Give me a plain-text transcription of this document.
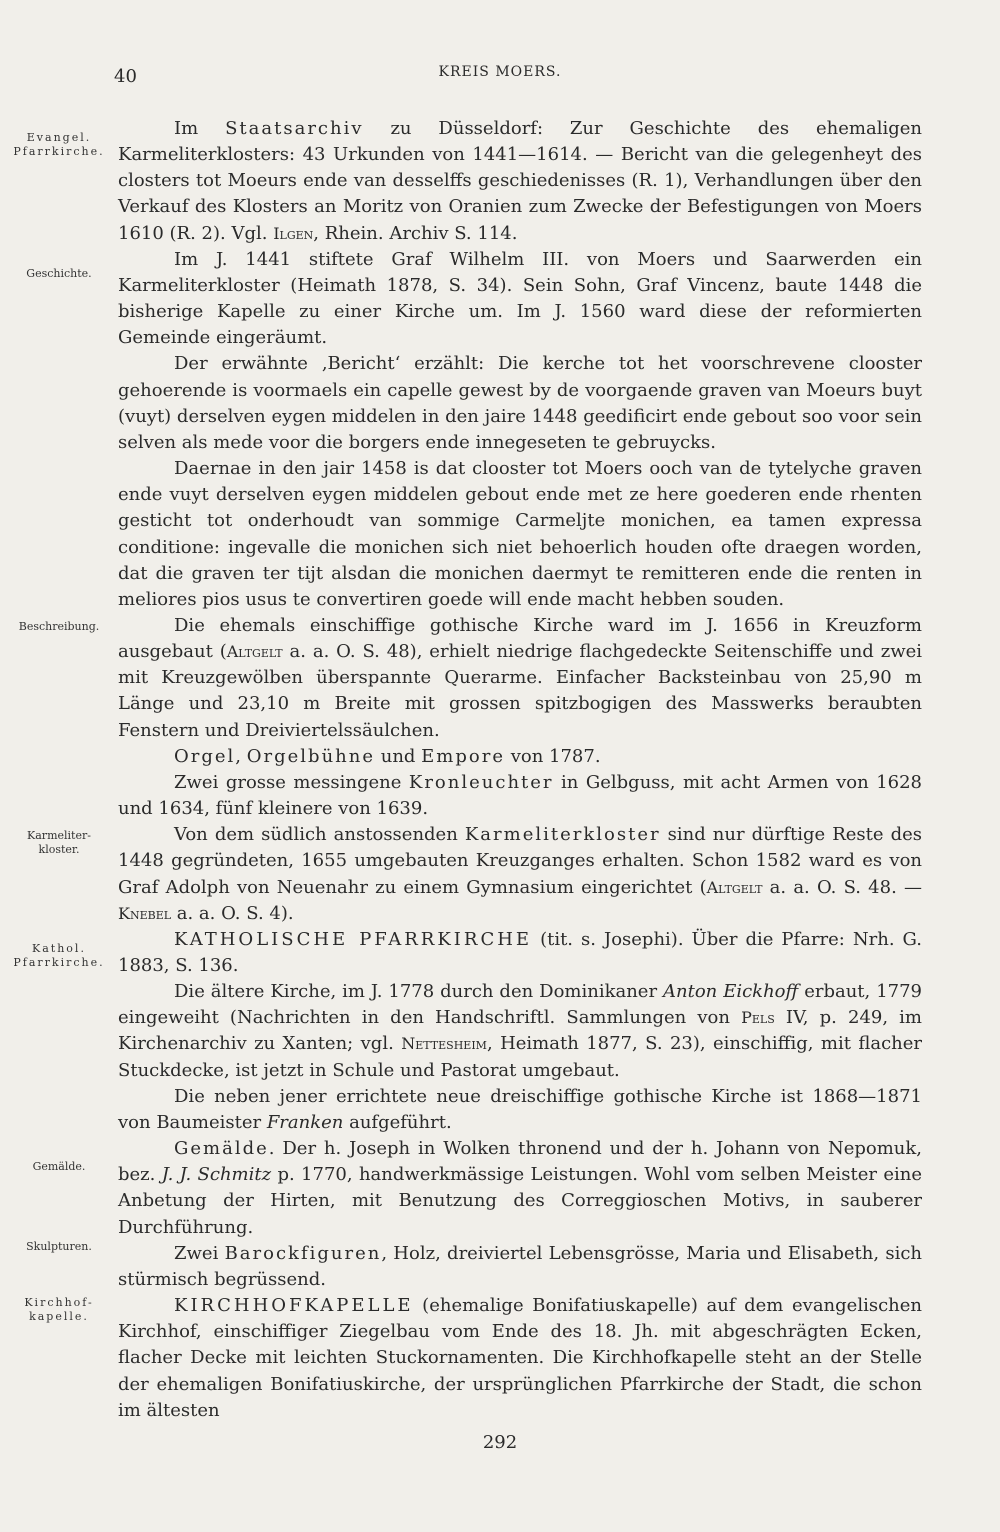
40	KREIS MOERS.
Evangel.
Pfarrkirche.
Geschichte.
Beschreibung.
Karmeliter-
kloster.
Kathol.
Pfarrkirche.
Gemälde.
Skulpturen.
Kirchhof-
kapelle.

Im Staatsarchiv zu Düsseldorf: Zur Geschichte des ehemaligen Karmeliterklosters: 43 Urkunden von 1441—1614. — Bericht van die gelegenheyt des closters tot Moeurs ende van desselffs geschiedenisses (R. 1), Verhandlungen über den Verkauf des Klosters an Moritz von Oranien zum Zwecke der Befestigungen von Moers 1610 (R. 2). Vgl. Ilgen, Rhein. Archiv S. 114.

Im J. 1441 stiftete Graf Wilhelm III. von Moers und Saarwerden ein Karmeliterkloster (Heimath 1878, S. 34). Sein Sohn, Graf Vincenz, baute 1448 die bisherige Kapelle zu einer Kirche um. Im J. 1560 ward diese der reformierten Gemeinde eingeräumt.

Der erwähnte ‚Bericht‘ erzählt: Die kerche tot het voorschrevene clooster gehoerende is voormaels ein capelle gewest by de voorgaende graven van Moeurs buyt (vuyt) derselven eygen middelen in den jaire 1448 geedificirt ende gebout soo voor sein selven als mede voor die borgers ende innegeseten te gebruycks.

Daernae in den jair 1458 is dat clooster tot Moers ooch van de tytelyche graven ende vuyt derselven eygen middelen gebout ende met ze here goederen ende rhenten gesticht tot onderhoudt van sommige Carmeljte monichen, ea tamen expressa conditione: ingevalle die monichen sich niet behoerlich houden ofte draegen worden, dat die graven ter tijt alsdan die monichen daermyt te remitteren ende die renten in meliores pios usus te convertiren goede will ende macht hebben souden.

Die ehemals einschiffige gothische Kirche ward im J. 1656 in Kreuzform ausgebaut (Altgelt a. a. O. S. 48), erhielt niedrige flachgedeckte Seitenschiffe und zwei mit Kreuzgewölben überspannte Querarme. Einfacher Backsteinbau von 25,90 m Länge und 23,10 m Breite mit grossen spitzbogigen des Masswerks beraubten Fenstern und Dreiviertelssäulchen.

Orgel, Orgelbühne und Empore von 1787.

Zwei grosse messingene Kronleuchter in Gelbguss, mit acht Armen von 1628 und 1634, fünf kleinere von 1639.

Von dem südlich anstossenden Karmeliterkloster sind nur dürftige Reste des 1448 gegründeten, 1655 umgebauten Kreuzganges erhalten. Schon 1582 ward es von Graf Adolph von Neuenahr zu einem Gymnasium eingerichtet (Altgelt a. a. O. S. 48. — Knebel a. a. O. S. 4).

KATHOLISCHE PFARRKIRCHE (tit. s. Josephi). Über die Pfarre: Nrh. G. 1883, S. 136.

Die ältere Kirche, im J. 1778 durch den Dominikaner Anton Eickhoff erbaut, 1779 eingeweiht (Nachrichten in den Handschriftl. Sammlungen von Pels IV, p. 249, im Kirchenarchiv zu Xanten; vgl. Nettesheim, Heimath 1877, S. 23), einschiffig, mit flacher Stuckdecke, ist jetzt in Schule und Pastorat umgebaut.

Die neben jener errichtete neue dreischiffige gothische Kirche ist 1868—1871 von Baumeister Franken aufgeführt.

Gemälde. Der h. Joseph in Wolken thronend und der h. Johann von Nepomuk, bez. J. J. Schmitz p. 1770, handwerkmässige Leistungen. Wohl vom selben Meister eine Anbetung der Hirten, mit Benutzung des Correggioschen Motivs, in sauberer Durchführung.

Zwei Barockfiguren, Holz, dreiviertel Lebensgrösse, Maria und Elisabeth, sich stürmisch begrüssend.

KIRCHHOFKAPELLE (ehemalige Bonifatiuskapelle) auf dem evangelischen Kirchhof, einschiffiger Ziegelbau vom Ende des 18. Jh. mit abgeschrägten Ecken, flacher Decke mit leichten Stuckornamenten. Die Kirchhofkapelle steht an der Stelle der ehemaligen Bonifatiuskirche, der ursprünglichen Pfarrkirche der Stadt, die schon im ältesten

292
